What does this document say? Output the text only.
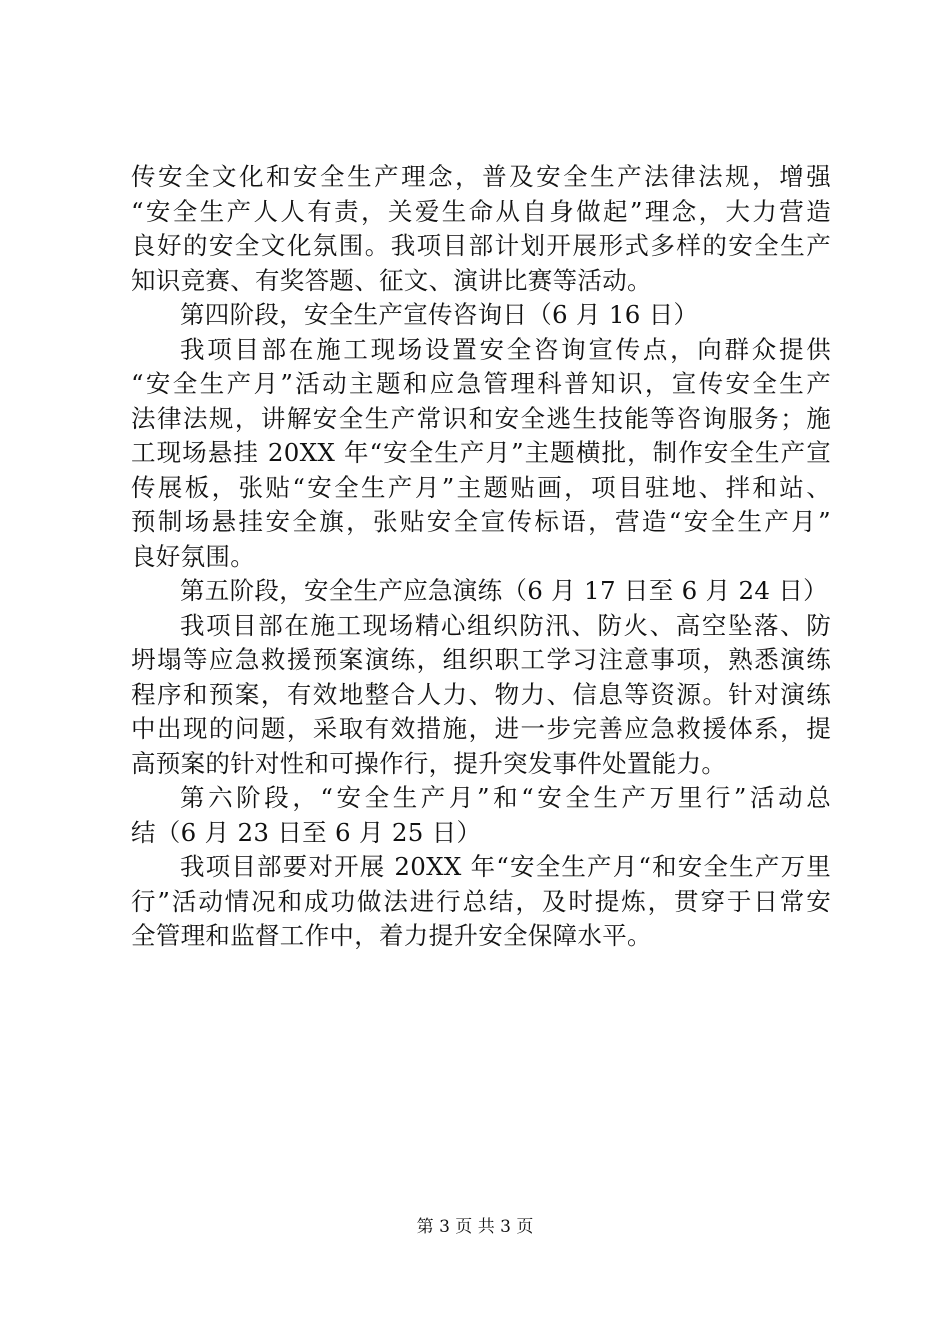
传安全文化和安全生产理念，普及安全生产法律法规，增强
“安全生产人人有责，关爱生命从自身做起”理念，大力营造
良好的安全文化氛围。我项目部计划开展形式多样的安全生产
知识竞赛、有奖答题、征文、演讲比赛等活动。
第四阶段，安全生产宣传咨询日（6 月 16 日）
我项目部在施工现场设置安全咨询宣传点，向群众提供
“安全生产月”活动主题和应急管理科普知识，宣传安全生产
法律法规，讲解安全生产常识和安全逃生技能等咨询服务；施
工现场悬挂 20XX 年“安全生产月”主题横批，制作安全生产宣
传展板，张贴“安全生产月”主题贴画，项目驻地、拌和站、
预制场悬挂安全旗，张贴安全宣传标语，营造“安全生产月”
良好氛围。
第五阶段，安全生产应急演练（6 月 17 日至 6 月 24 日）
我项目部在施工现场精心组织防汛、防火、高空坠落、防
坍塌等应急救援预案演练，组织职工学习注意事项，熟悉演练
程序和预案，有效地整合人力、物力、信息等资源。针对演练
中出现的问题，采取有效措施，进一步完善应急救援体系，提
高预案的针对性和可操作行，提升突发事件处置能力。
第六阶段，“安全生产月”和“安全生产万里行”活动总
结（6 月 23 日至 6 月 25 日）
我项目部要对开展 20XX 年“安全生产月“和安全生产万里
行”活动情况和成功做法进行总结，及时提炼，贯穿于日常安
全管理和监督工作中，着力提升安全保障水平。
第 3 页 共 3 页
